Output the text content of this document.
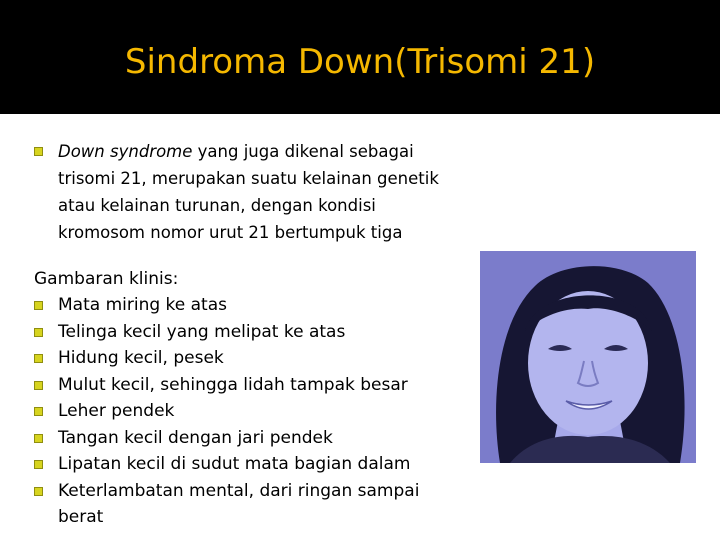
Sindroma Down(Trisomi 21)
Down syndrome yang juga dikenal sebagai trisomi 21, merupakan suatu kelainan genetik atau kelainan turunan, dengan kondisi kromosom nomor urut 21 bertumpuk tiga
Gambaran klinis:
Mata miring ke atas
Telinga kecil yang melipat ke atas
Hidung kecil, pesek
Mulut kecil, sehingga lidah tampak besar
Leher pendek
Tangan kecil dengan jari pendek
Lipatan kecil di sudut mata bagian dalam
Keterlambatan mental, dari ringan sampai berat
